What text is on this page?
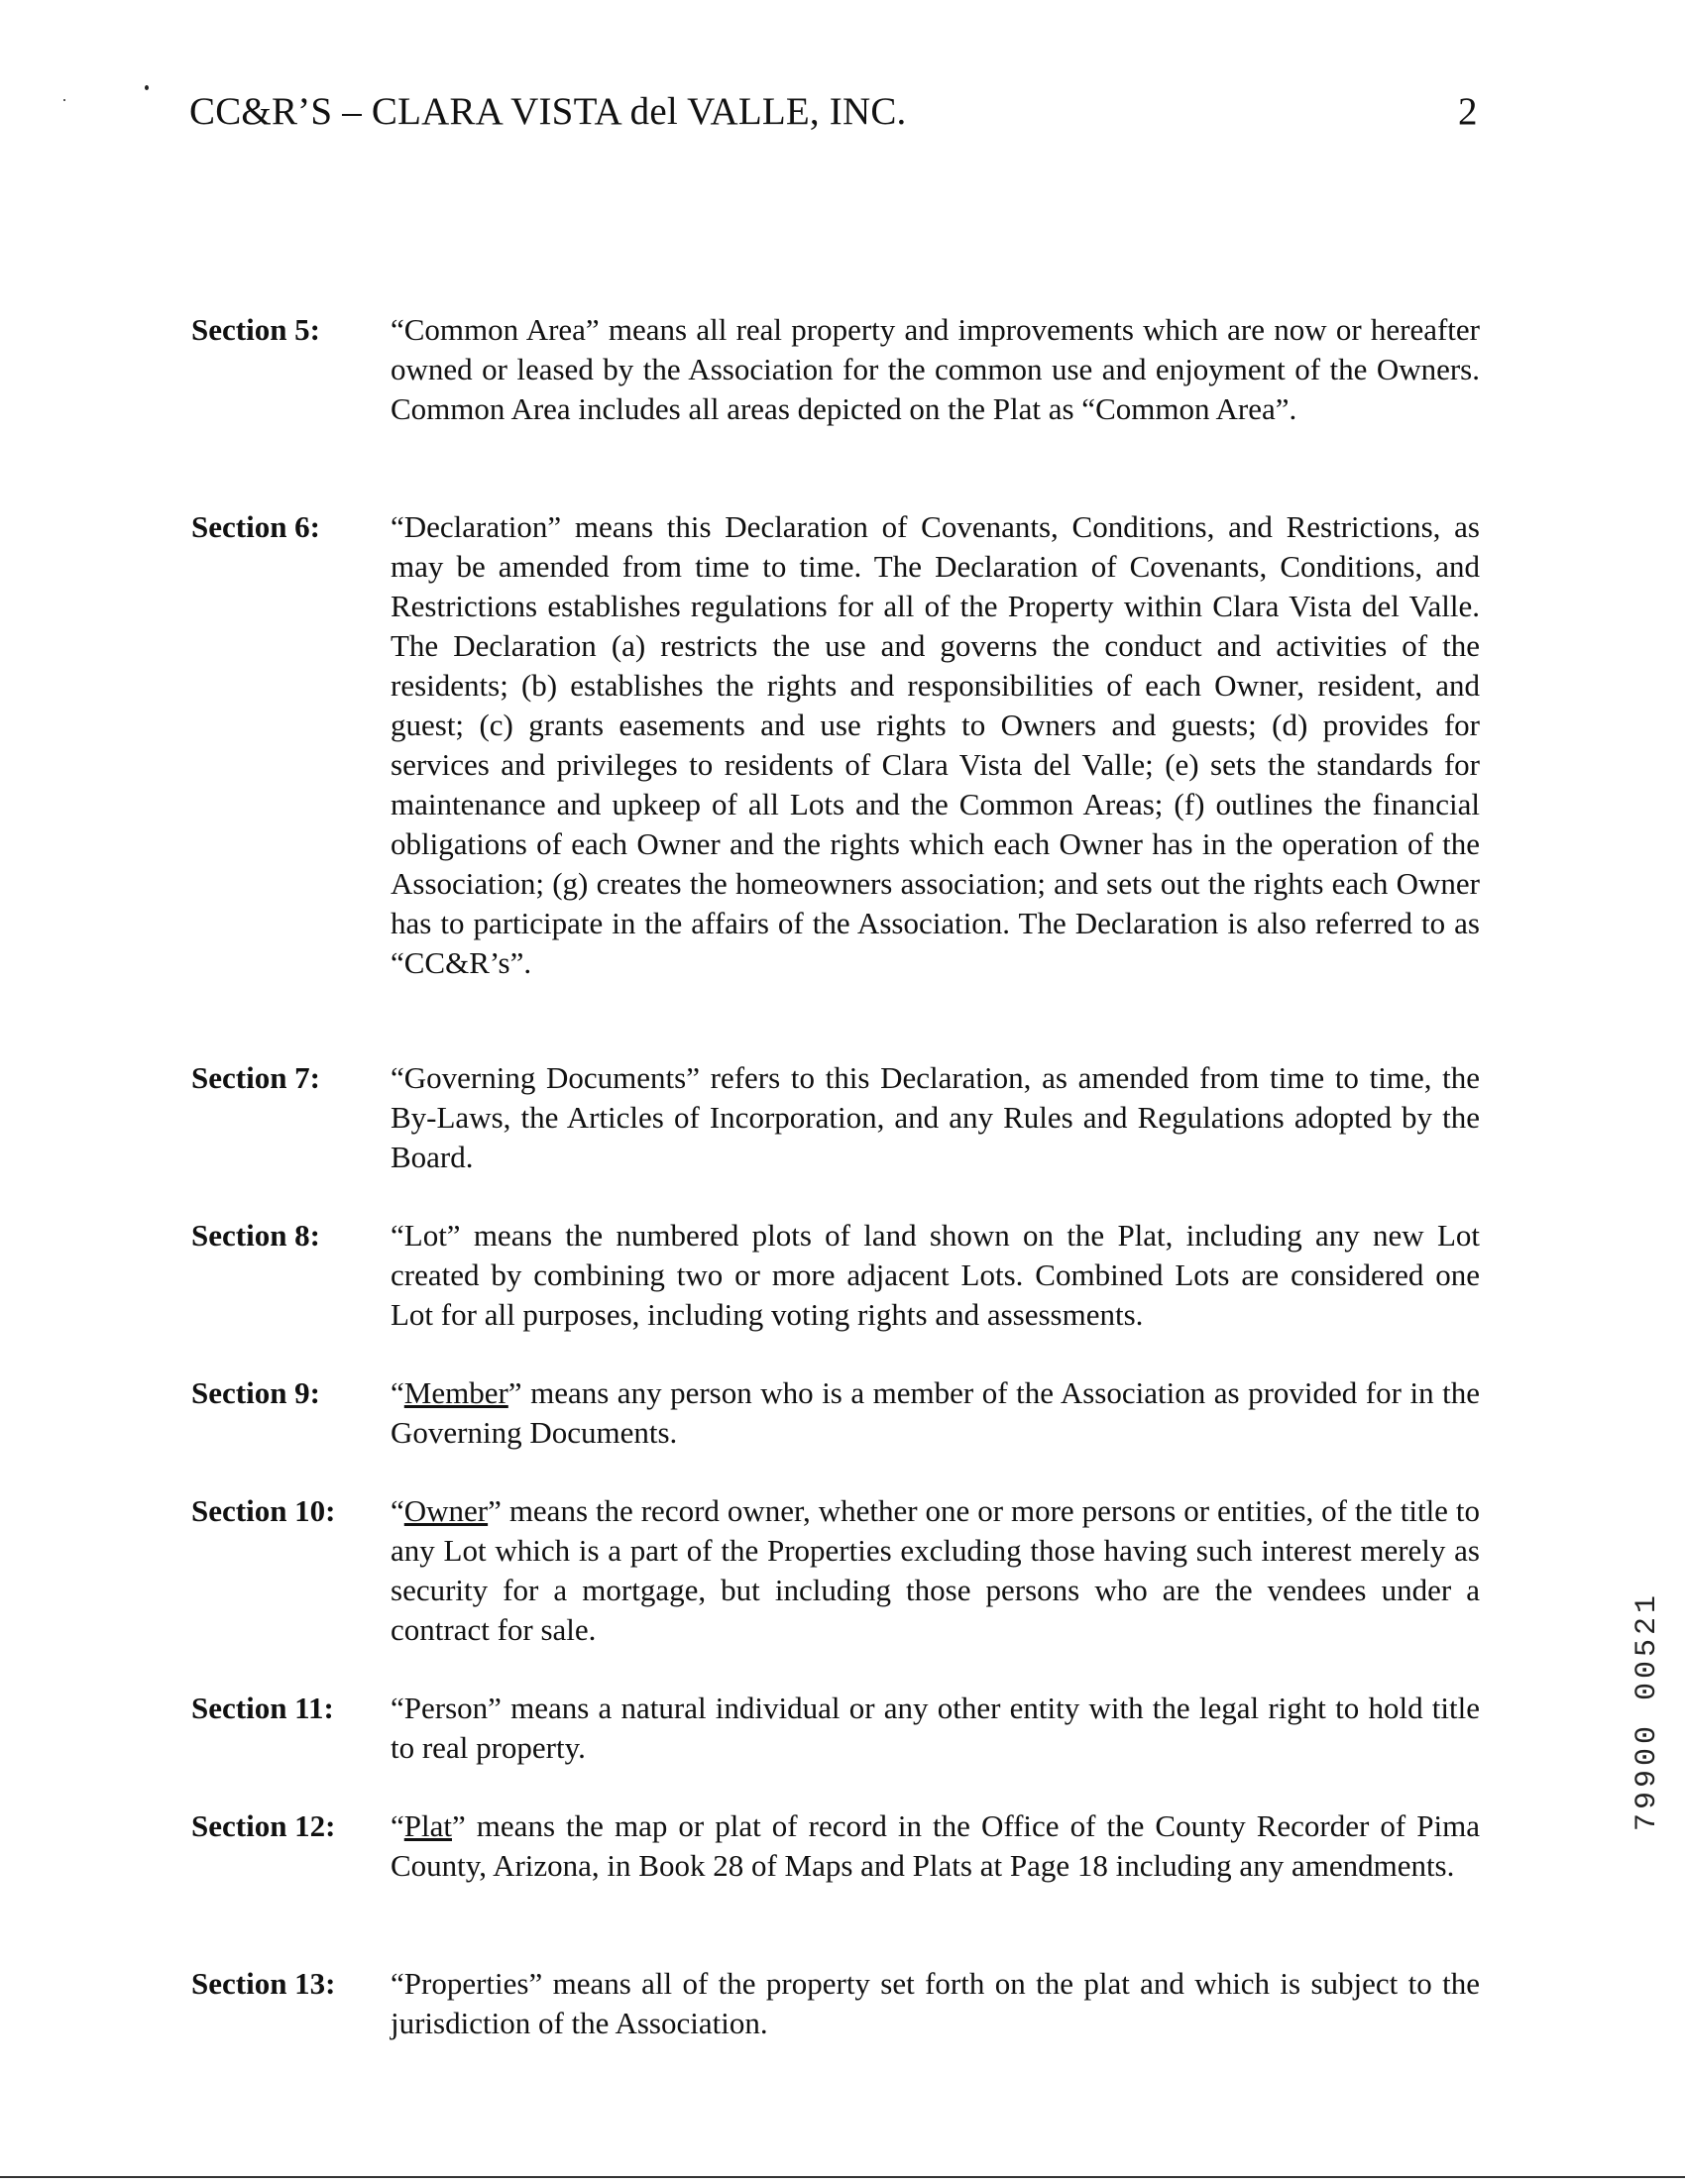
CC&R’S – CLARA VISTA del VALLE, INC.	2
Section 5:	“Common Area” means all real property and improvements which are now or hereafter owned or leased by the Association for the common use and enjoyment of the Owners. Common Area includes all areas depicted on the Plat as “Common Area”.
Section 6:	“Declaration” means this Declaration of Covenants, Conditions, and Restrictions, as may be amended from time to time. The Declaration of Covenants, Conditions, and Restrictions establishes regulations for all of the Property within Clara Vista del Valle. The Declaration (a) restricts the use and governs the conduct and activities of the residents; (b) establishes the rights and responsibilities of each Owner, resident, and guest; (c) grants easements and use rights to Owners and guests; (d) provides for services and privileges to residents of Clara Vista del Valle; (e) sets the standards for maintenance and upkeep of all Lots and the Common Areas; (f) outlines the financial obligations of each Owner and the rights which each Owner has in the operation of the Association; (g) creates the homeowners association; and sets out the rights each Owner has to participate in the affairs of the Association. The Declaration is also referred to as “CC&R’s”.
Section 7:	“Governing Documents” refers to this Declaration, as amended from time to time, the By-Laws, the Articles of Incorporation, and any Rules and Regulations adopted by the Board.
Section 8:	“Lot” means the numbered plots of land shown on the Plat, including any new Lot created by combining two or more adjacent Lots. Combined Lots are considered one Lot for all purposes, including voting rights and assessments.
Section 9:	“Member” means any person who is a member of the Association as provided for in the Governing Documents.
Section 10:	“Owner” means the record owner, whether one or more persons or entities, of the title to any Lot which is a part of the Properties excluding those having such interest merely as security for a mortgage, but including those persons who are the vendees under a contract for sale.
Section 11:	“Person” means a natural individual or any other entity with the legal right to hold title to real property.
Section 12:	“Plat” means the map or plat of record in the Office of the County Recorder of Pima County, Arizona, in Book 28 of Maps and Plats at Page 18 including any amendments.
Section 13:	“Properties” means all of the property set forth on the plat and which is subject to the jurisdiction of the Association.
79900 00521
